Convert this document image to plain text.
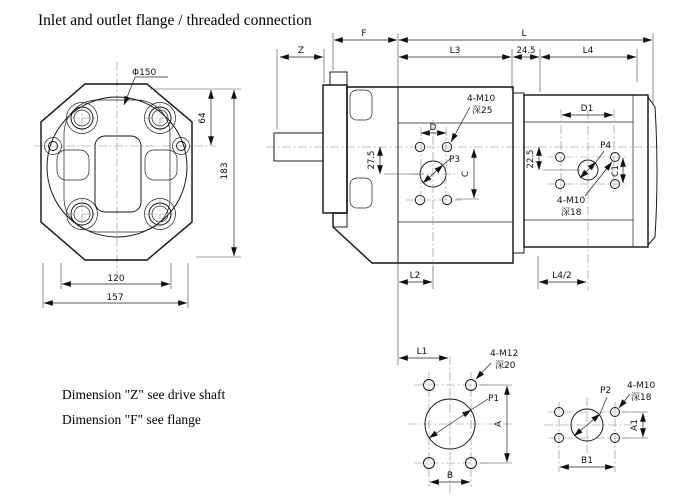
Inlet and outlet flange / threaded connection
Φ150
64
183
120
157
Z
F	L
L3	24.5	L4
27.5
D
C
22.5
D1
C1
L2	L4/2
4-M10
深25
P3
P4
4-M10
深18
L1
A
B
4-M12
深20
P1
B1
A1
P2 4-M10
深18
Dimension "Z" see drive shaft
Dimension "F" see flange
